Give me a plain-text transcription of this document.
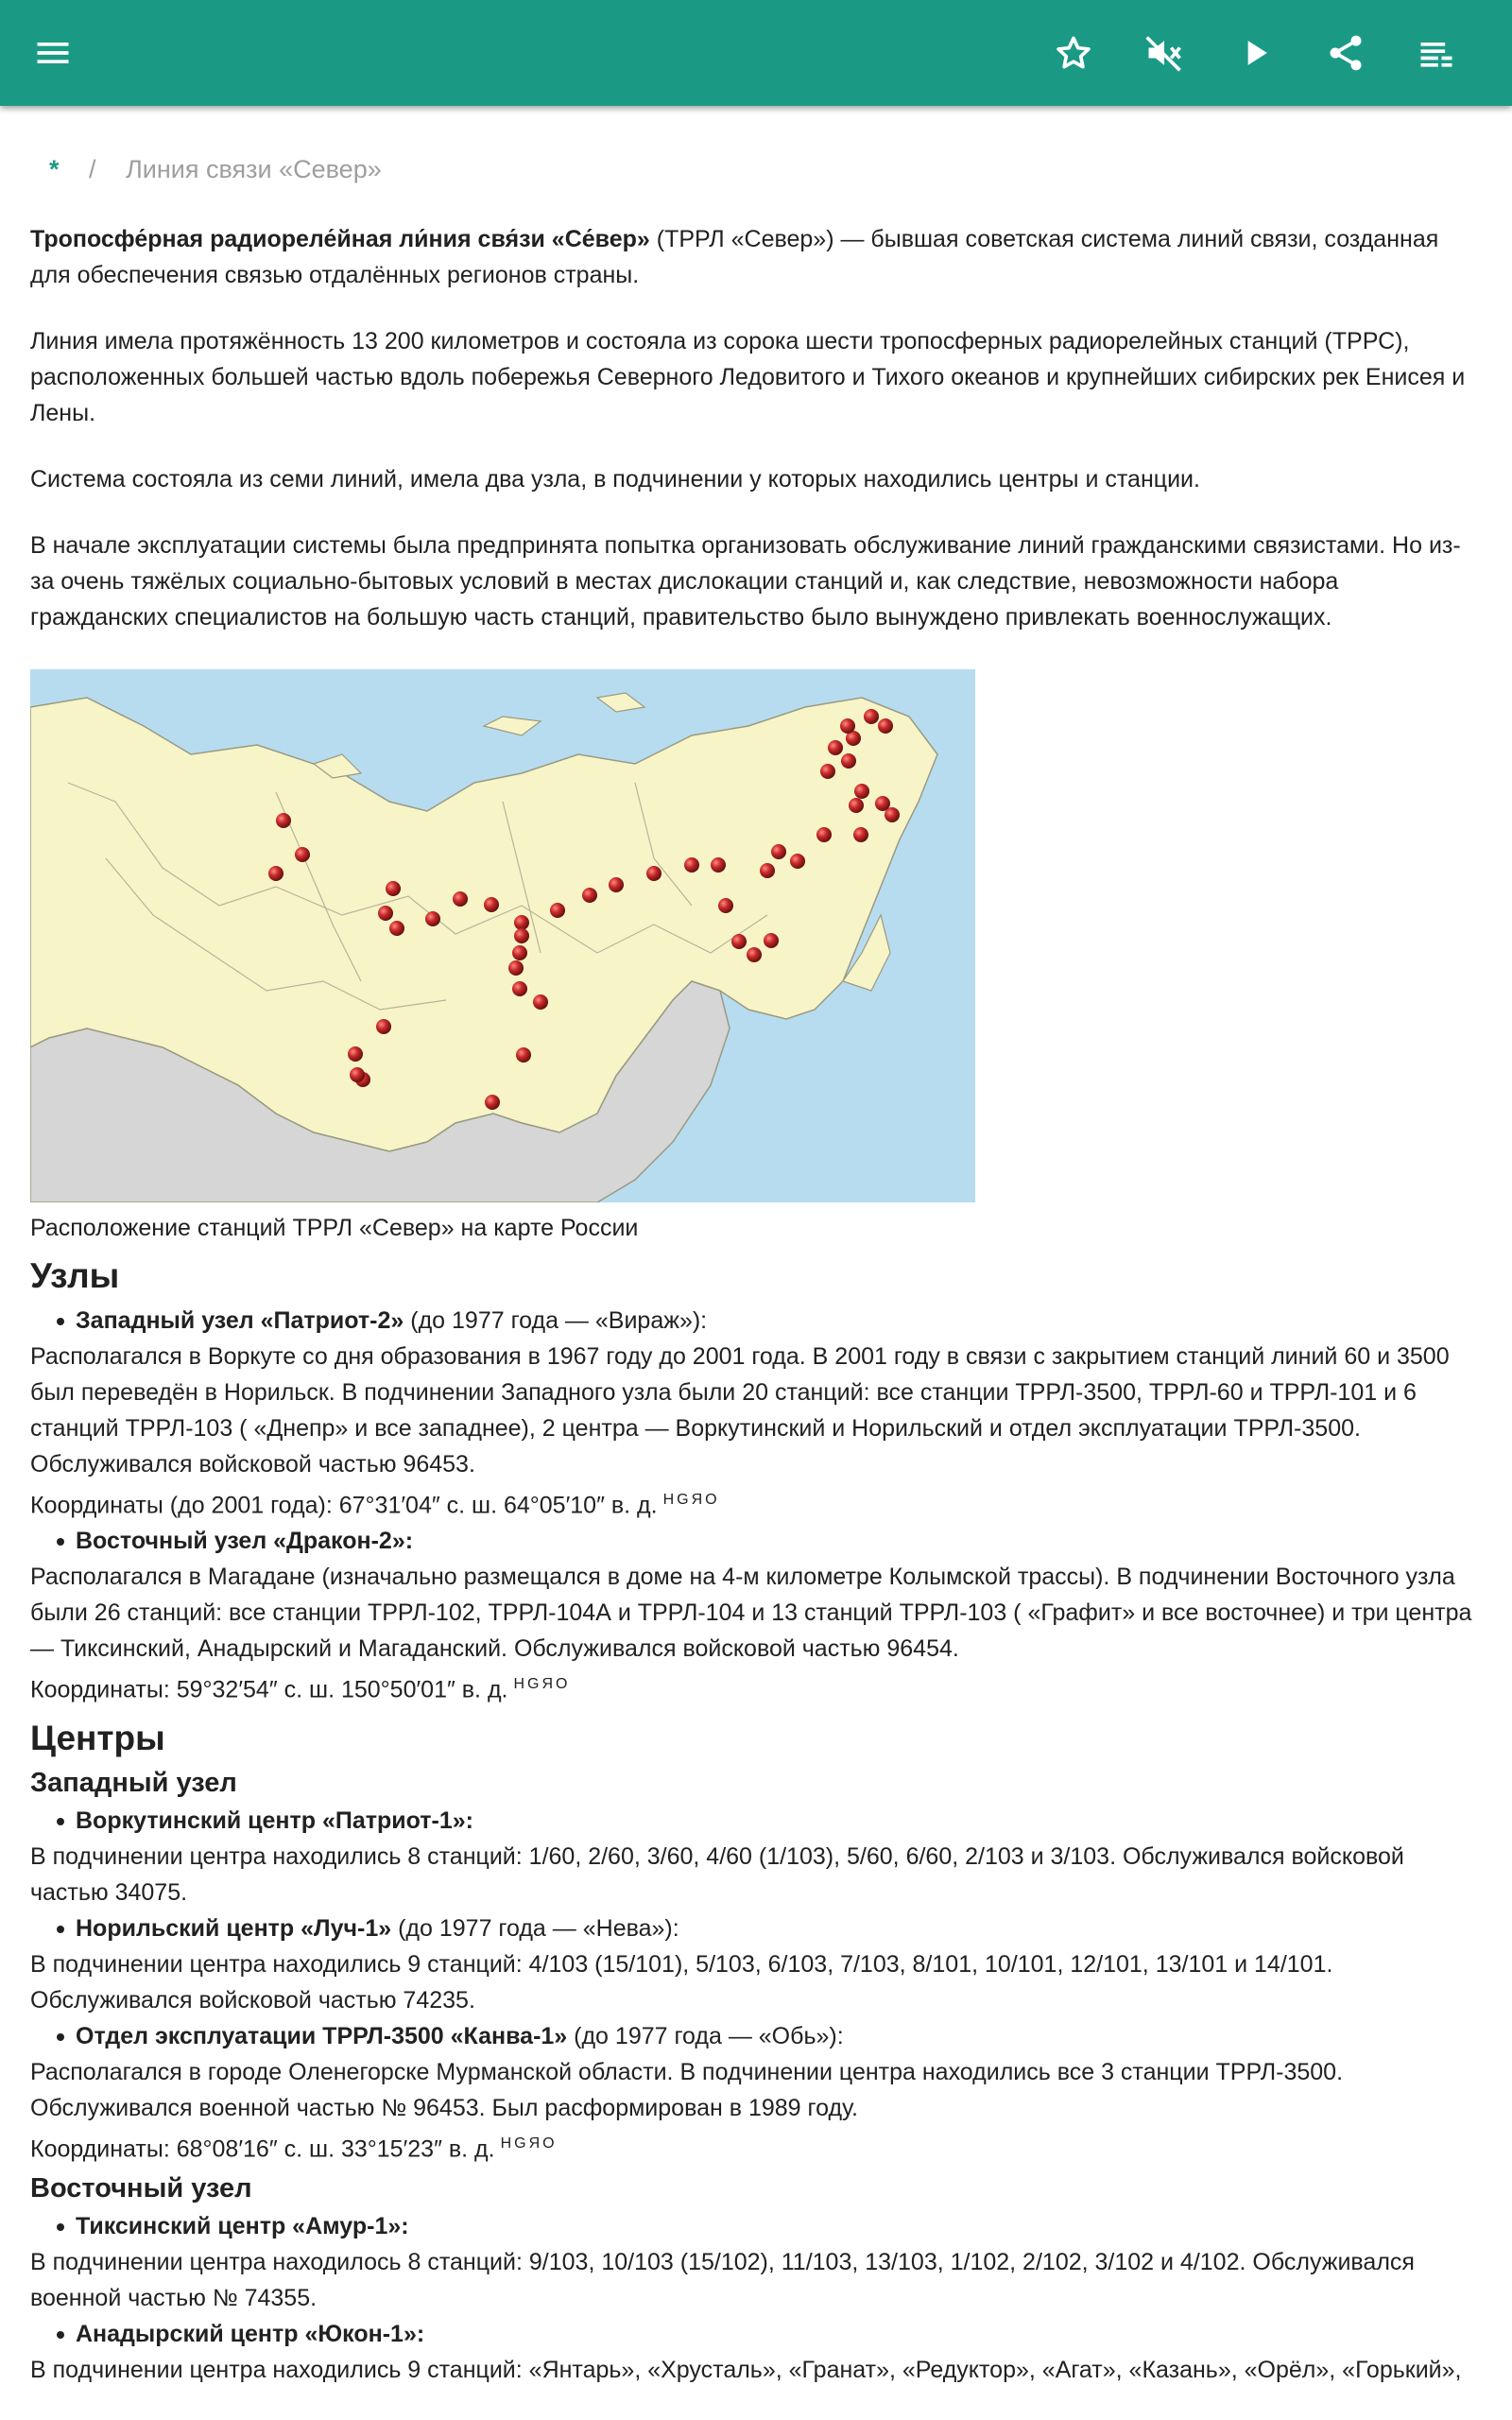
* / Линия связи «Север»

Тропосфе́рная радиореле́йная ли́ния свя́зи «Се́вер» (ТРРЛ «Север») — бывшая советская система линий связи, созданная для обеспечения связью отдалённых регионов страны.

Линия имела протяжённость 13 200 километров и состояла из сорока шести тропосферных радиорелейных станций (ТРРС), расположенных большей частью вдоль побережья Северного Ледовитого и Тихого океанов и крупнейших сибирских рек Енисея и Лены.

Система состояла из семи линий, имела два узла, в подчинении у которых находились центры и станции.

В начале эксплуатации системы была предпринята попытка организовать обслуживание линий гражданскими связистами. Но из-за очень тяжёлых социально-бытовых условий в местах дислокации станций и, как следствие, невозможности набора гражданских специалистов на большую часть станций, правительство было вынуждено привлекать военнослужащих.

Расположение станций ТРРЛ «Север» на карте России

Узлы
Западный узел «Патриот-2» (до 1977 года — «Вираж»):

Располагался в Воркуте со дня образования в 1967 году до 2001 года. В 2001 году в связи с закрытием станций линий 60 и 3500 был переведён в Норильск. В подчинении Западного узла были 20 станций: все станции ТРРЛ-3500, ТРРЛ-60 и ТРРЛ-101 и 6 станций ТРРЛ-103 ( «Днепр» и все западнее), 2 центра — Воркутинский и Норильский и отдел эксплуатации ТРРЛ-3500. Обслуживался войсковой частью 96453.

Координаты (до 2001 года): 67°31′04″ с. ш. 64°05′10″ в. д. $^{HGЯO}$

Восточный узел «Дракон-2»:

Располагался в Магадане (изначально размещался в доме на 4-м километре Колымской трассы). В подчинении Восточного узла были 26 станций: все станции ТРРЛ-102, ТРРЛ-104А и ТРРЛ-104 и 13 станций ТРРЛ-103 ( «Графит» и все восточнее) и три центра — Тиксинский, Анадырский и Магаданский. Обслуживался войсковой частью 96454.

Координаты: 59°32′54″ с. ш. 150°50′01″ в. д. $^{HGЯO}$

Центры
Западный узел
Воркутинский центр «Патриот-1»:

В подчинении центра находились 8 станций: 1/60, 2/60, 3/60, 4/60 (1/103), 5/60, 6/60, 2/103 и 3/103. Обслуживался войсковой частью 34075.

Норильский центр «Луч-1» (до 1977 года — «Нева»):

В подчинении центра находились 9 станций: 4/103 (15/101), 5/103, 6/103, 7/103, 8/101, 10/101, 12/101, 13/101 и 14/101. Обслуживался войсковой частью 74235.

Отдел эксплуатации ТРРЛ-3500 «Канва-1» (до 1977 года — «Обь»):

Располагался в городе Оленегорске Мурманской области. В подчинении центра находились все 3 станции ТРРЛ-3500. Обслуживался военной частью № 96453. Был расформирован в 1989 году.

Координаты: 68°08′16″ с. ш. 33°15′23″ в. д. $^{HGЯO}$

Восточный узел
Тиксинский центр «Амур-1»:

В подчинении центра находилось 8 станций: 9/103, 10/103 (15/102), 11/103, 13/103, 1/102, 2/102, 3/102 и 4/102. Обслуживался военной частью № 74355.

Анадырский центр «Юкон-1»:

В подчинении центра находились 9 станций: «Янтарь», «Хрусталь», «Гранат», «Редуктор», «Агат», «Казань», «Орёл», «Горький»,
